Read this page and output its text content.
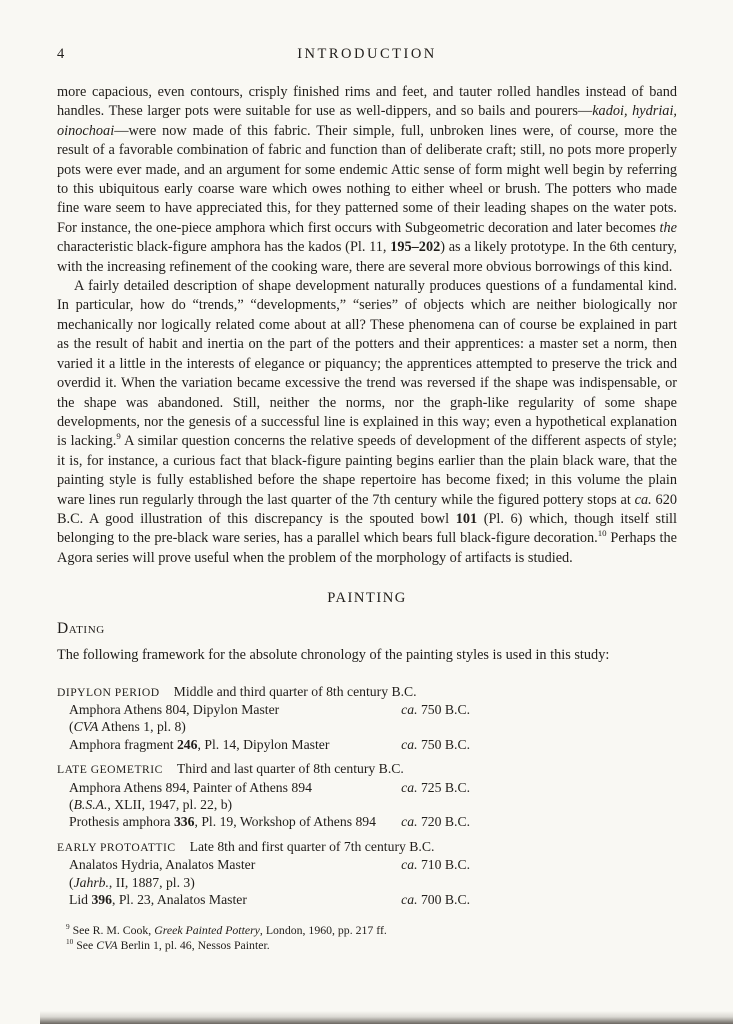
4	INTRODUCTION

more capacious, even contours, crisply finished rims and feet, and tauter rolled handles instead of band handles. These larger pots were suitable for use as well-dippers, and so bails and pourers—kadoi, hydriai, oinochoai—were now made of this fabric. Their simple, full, unbroken lines were, of course, more the result of a favorable combination of fabric and function than of deliberate craft; still, no pots more properly pots were ever made, and an argument for some endemic Attic sense of form might well begin by referring to this ubiquitous early coarse ware which owes nothing to either wheel or brush. The potters who made fine ware seem to have appreciated this, for they patterned some of their leading shapes on the water pots. For instance, the one-piece amphora which first occurs with Subgeometric decoration and later becomes the characteristic black-figure amphora has the kados (Pl. 11, 195–202) as a likely prototype. In the 6th century, with the increasing refinement of the cooking ware, there are several more obvious borrowings of this kind.

A fairly detailed description of shape development naturally produces questions of a fundamental kind. In particular, how do “trends,” “developments,” “series” of objects which are neither biologically nor mechanically nor logically related come about at all? These phenomena can of course be explained in part as the result of habit and inertia on the part of the potters and their apprentices: a master set a norm, then varied it a little in the interests of elegance or piquancy; the apprentices attempted to preserve the trick and overdid it. When the variation became excessive the trend was reversed if the shape was indispensable, or the shape was abandoned. Still, neither the norms, nor the graph-like regularity of some shape developments, nor the genesis of a successful line is explained in this way; even a hypothetical explanation is lacking.$^9$ A similar question concerns the relative speeds of development of the different aspects of style; it is, for instance, a curious fact that black-figure painting begins earlier than the plain black ware, that the painting style is fully established before the shape repertoire has become fixed; in this volume the plain ware lines run regularly through the last quarter of the 7th century while the figured pottery stops at ca. 620 B.C. A good illustration of this discrepancy is the spouted bowl 101 (Pl. 6) which, though itself still belonging to the pre-black ware series, has a parallel which bears full black-figure decoration.$^{10}$ Perhaps the Agora series will prove useful when the problem of the morphology of artifacts is studied.

PAINTING
Dating

The following framework for the absolute chronology of the painting styles is used in this study:

DIPYLON PERIOD Middle and third quarter of 8th century B.C.
Amphora Athens 804, Dipylon Master	ca. 750 B.C.
(CVA Athens 1, pl. 8)
Amphora fragment 246, Pl. 14, Dipylon Master	ca. 750 B.C.
LATE GEOMETRIC Third and last quarter of 8th century B.C.
Amphora Athens 894, Painter of Athens 894	ca. 725 B.C.
(B.S.A., XLII, 1947, pl. 22, b)
Prothesis amphora 336, Pl. 19, Workshop of Athens 894	ca. 720 B.C.
EARLY PROTOATTIC Late 8th and first quarter of 7th century B.C.
Analatos Hydria, Analatos Master	ca. 710 B.C.
(Jahrb., II, 1887, pl. 3)
Lid 396, Pl. 23, Analatos Master	ca. 700 B.C.

$^9$ See R. M. Cook, Greek Painted Pottery, London, 1960, pp. 217 ff.

$^{10}$ See CVA Berlin 1, pl. 46, Nessos Painter.
